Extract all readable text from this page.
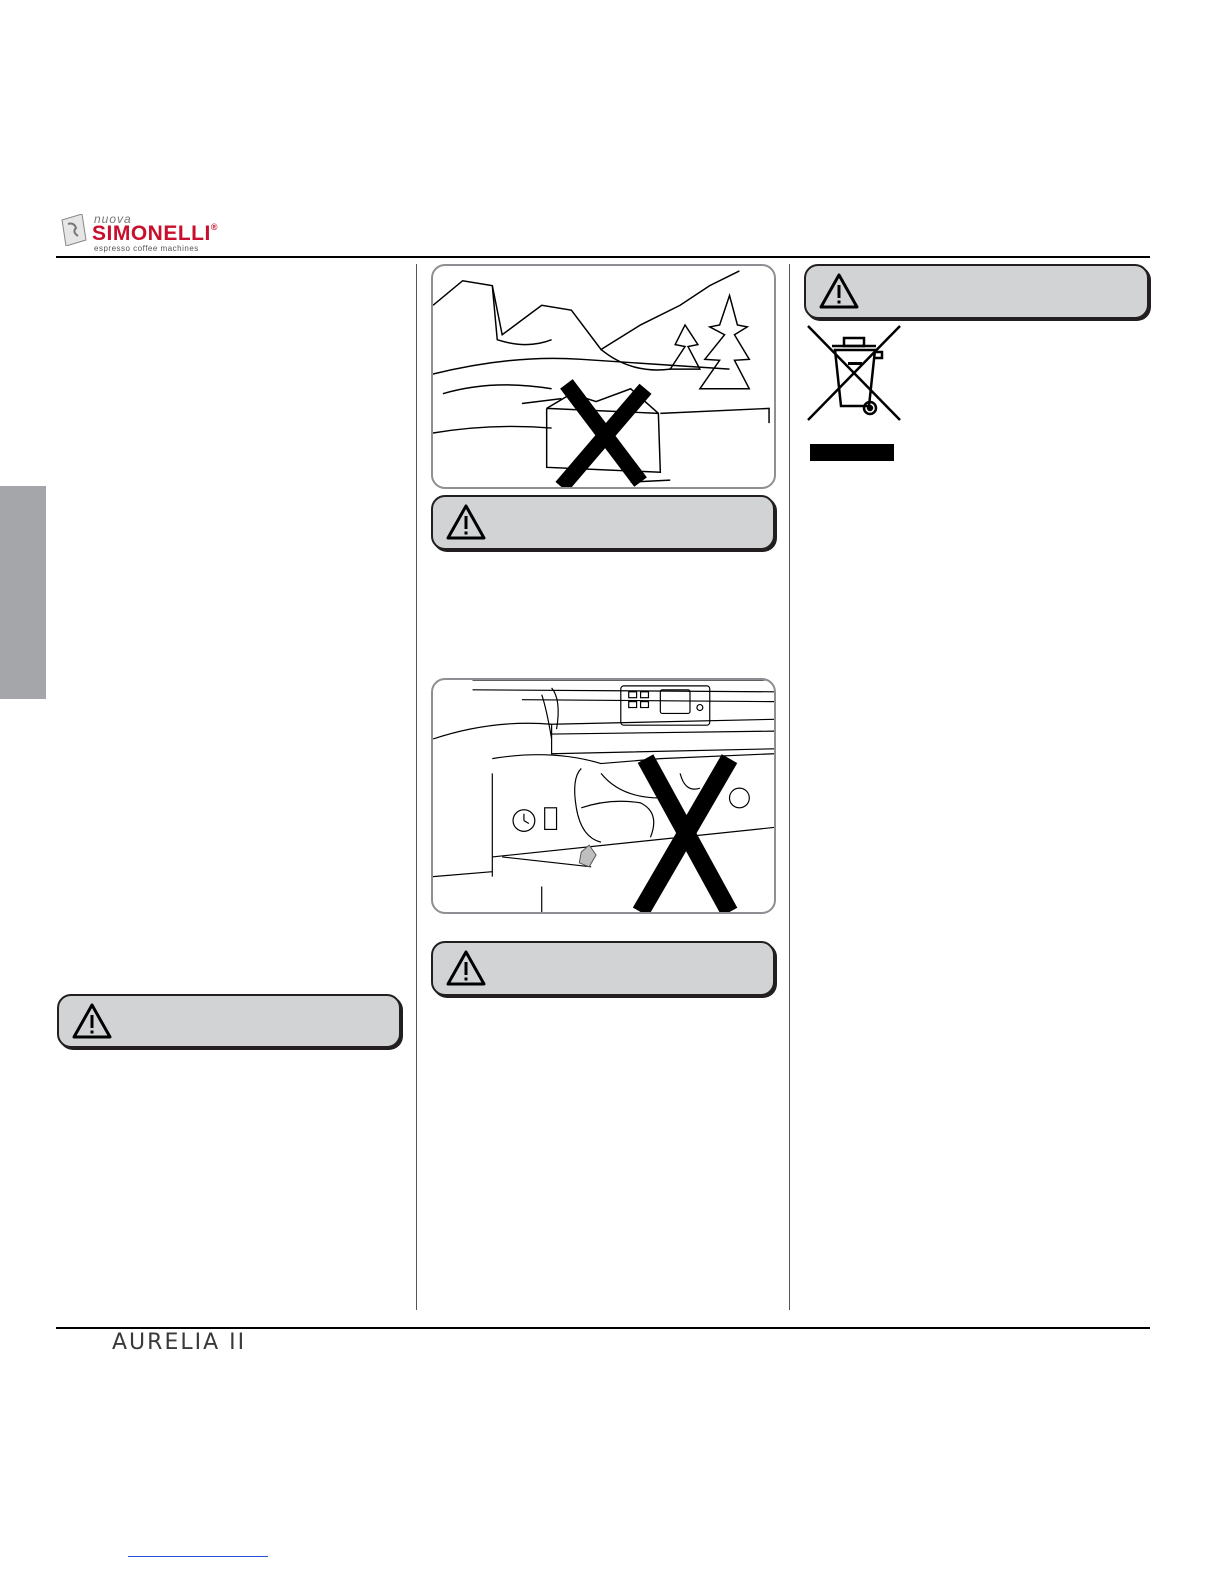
nuova
SIMONELLI®
espresso coffee machines
AURELIA II
